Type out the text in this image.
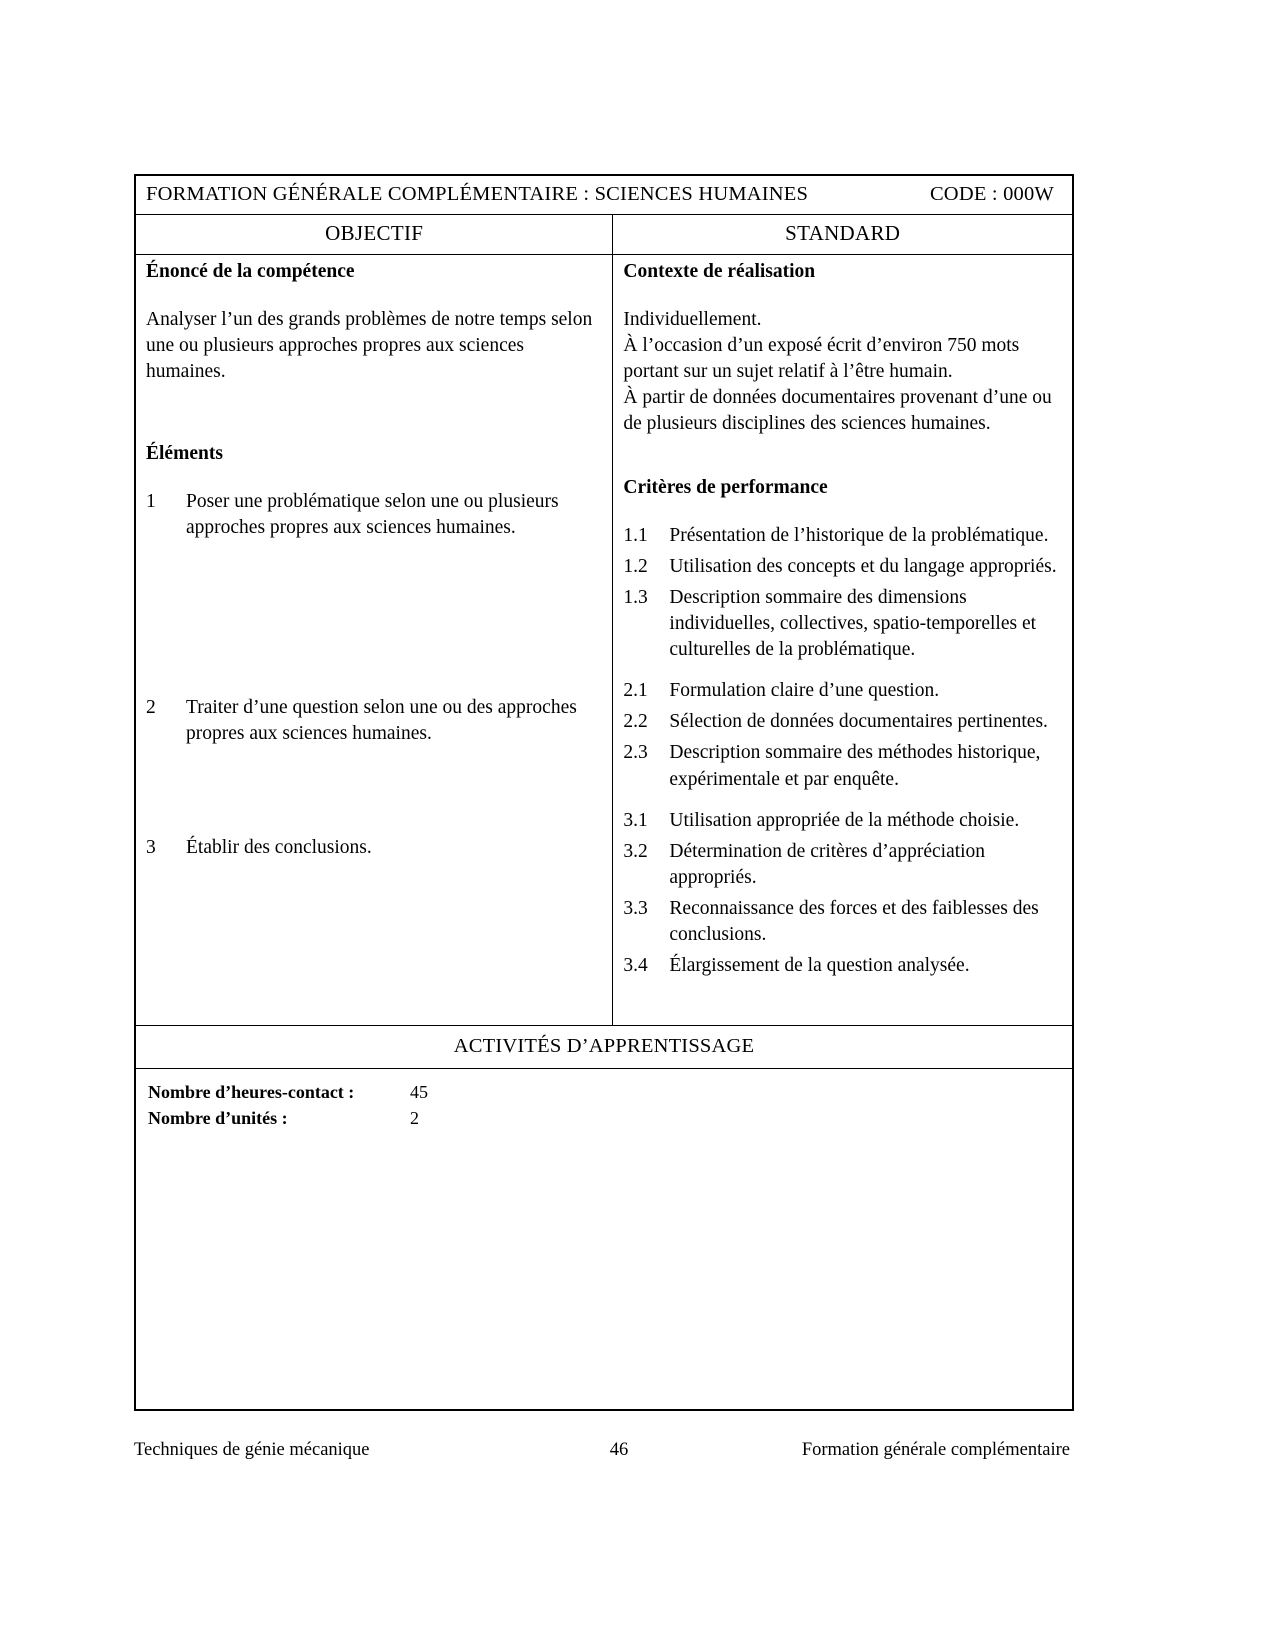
FORMATION GÉNÉRALE COMPLÉMENTAIRE : SCIENCES HUMAINES CODE : 000W	

OBJECTIF	STANDARD

Énoncé de la compétence
Analyser l’un des grands problèmes de notre temps selon une ou plusieurs approches propres aux sciences humaines.
Éléments
1	Poser une problématique selon une ou plusieurs approches propres aux sciences humaines.
2	Traiter d’une question selon une ou des approches propres aux sciences humaines.
3	Établir des conclusions.

Contexte de réalisation
Individuellement.
À l’occasion d’un exposé écrit d’environ 750 mots portant sur un sujet relatif à l’être humain.
À partir de données documentaires provenant d’une ou de plusieurs disciplines des sciences humaines.
Critères de performance
1.1	Présentation de l’historique de la problématique.
1.2	Utilisation des concepts et du langage appropriés.
1.3	Description sommaire des dimensions individuelles, collectives, spatio-temporelles et culturelles de la problématique.
2.1	Formulation claire d’une question.
2.2	Sélection de données documentaires pertinentes.
2.3	Description sommaire des méthodes historique, expérimentale et par enquête.
3.1	Utilisation appropriée de la méthode choisie.
3.2	Détermination de critères d’appréciation appropriés.
3.3	Reconnaissance des forces et des faiblesses des conclusions.
3.4	Élargissement de la question analysée.

ACTIVITÉS D’APPRENTISSAGE	

Nombre d’heures-contact : 45
Nombre d’unités : 2	
Techniques de génie mécanique	46	Formation générale complémentaire
